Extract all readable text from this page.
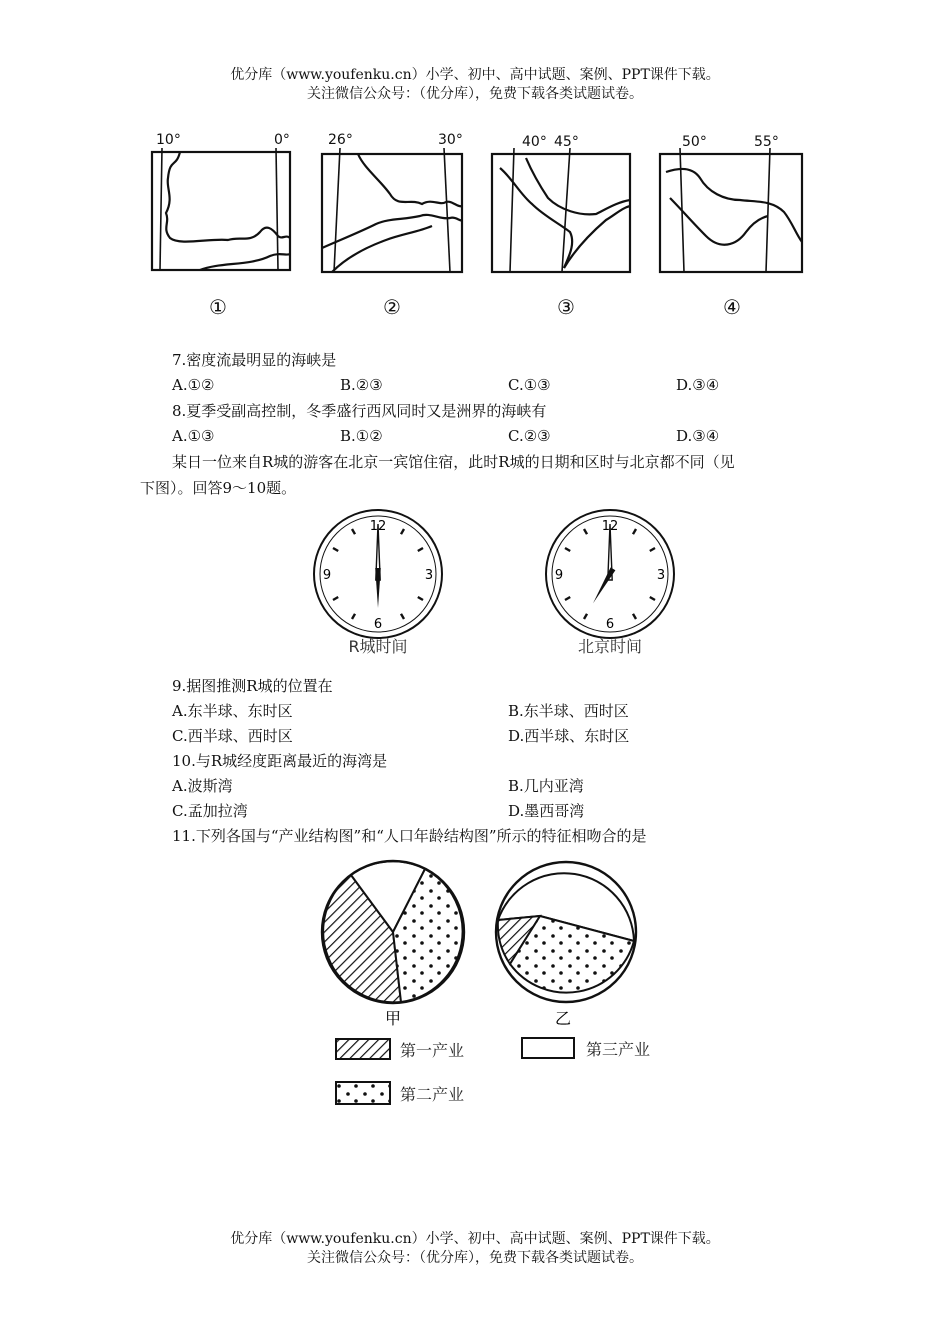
优分库（www.youfenku.cn）小学、初中、高中试题、案例、PPT课件下载。
关注微信公众号：（优分库），免费下载各类试题试卷。
10°	0°	26°	30°	40° 45°	50°	55°
①	②	③	④
7.密度流最明显的海峡是
A.①②	B.②③	C.①③	D.③④
8.夏季受副高控制，冬季盛行西风同时又是洲界的海峡有
A.①③	B.①②	C.②③	D.③④
某日一位来自R城的游客在北京一宾馆住宿，此时R城的日期和区时与北京都不同（见
下图）。回答9～10题。
12
3
6
9
12
3
6
9
R城时间	北京时间
9.据图推测R城的位置在
A.东半球、东时区	B.东半球、西时区
C.西半球、西时区	D.西半球、东时区
10.与R城经度距离最近的海湾是
A.波斯湾	B.几内亚湾
C.孟加拉湾	D.墨西哥湾
11.下列各国与“产业结构图”和“人口年龄结构图”所示的特征相吻合的是
甲	乙
第一产业	第三产业
第二产业
优分库（www.youfenku.cn）小学、初中、高中试题、案例、PPT课件下载。
关注微信公众号：（优分库），免费下载各类试题试卷。
